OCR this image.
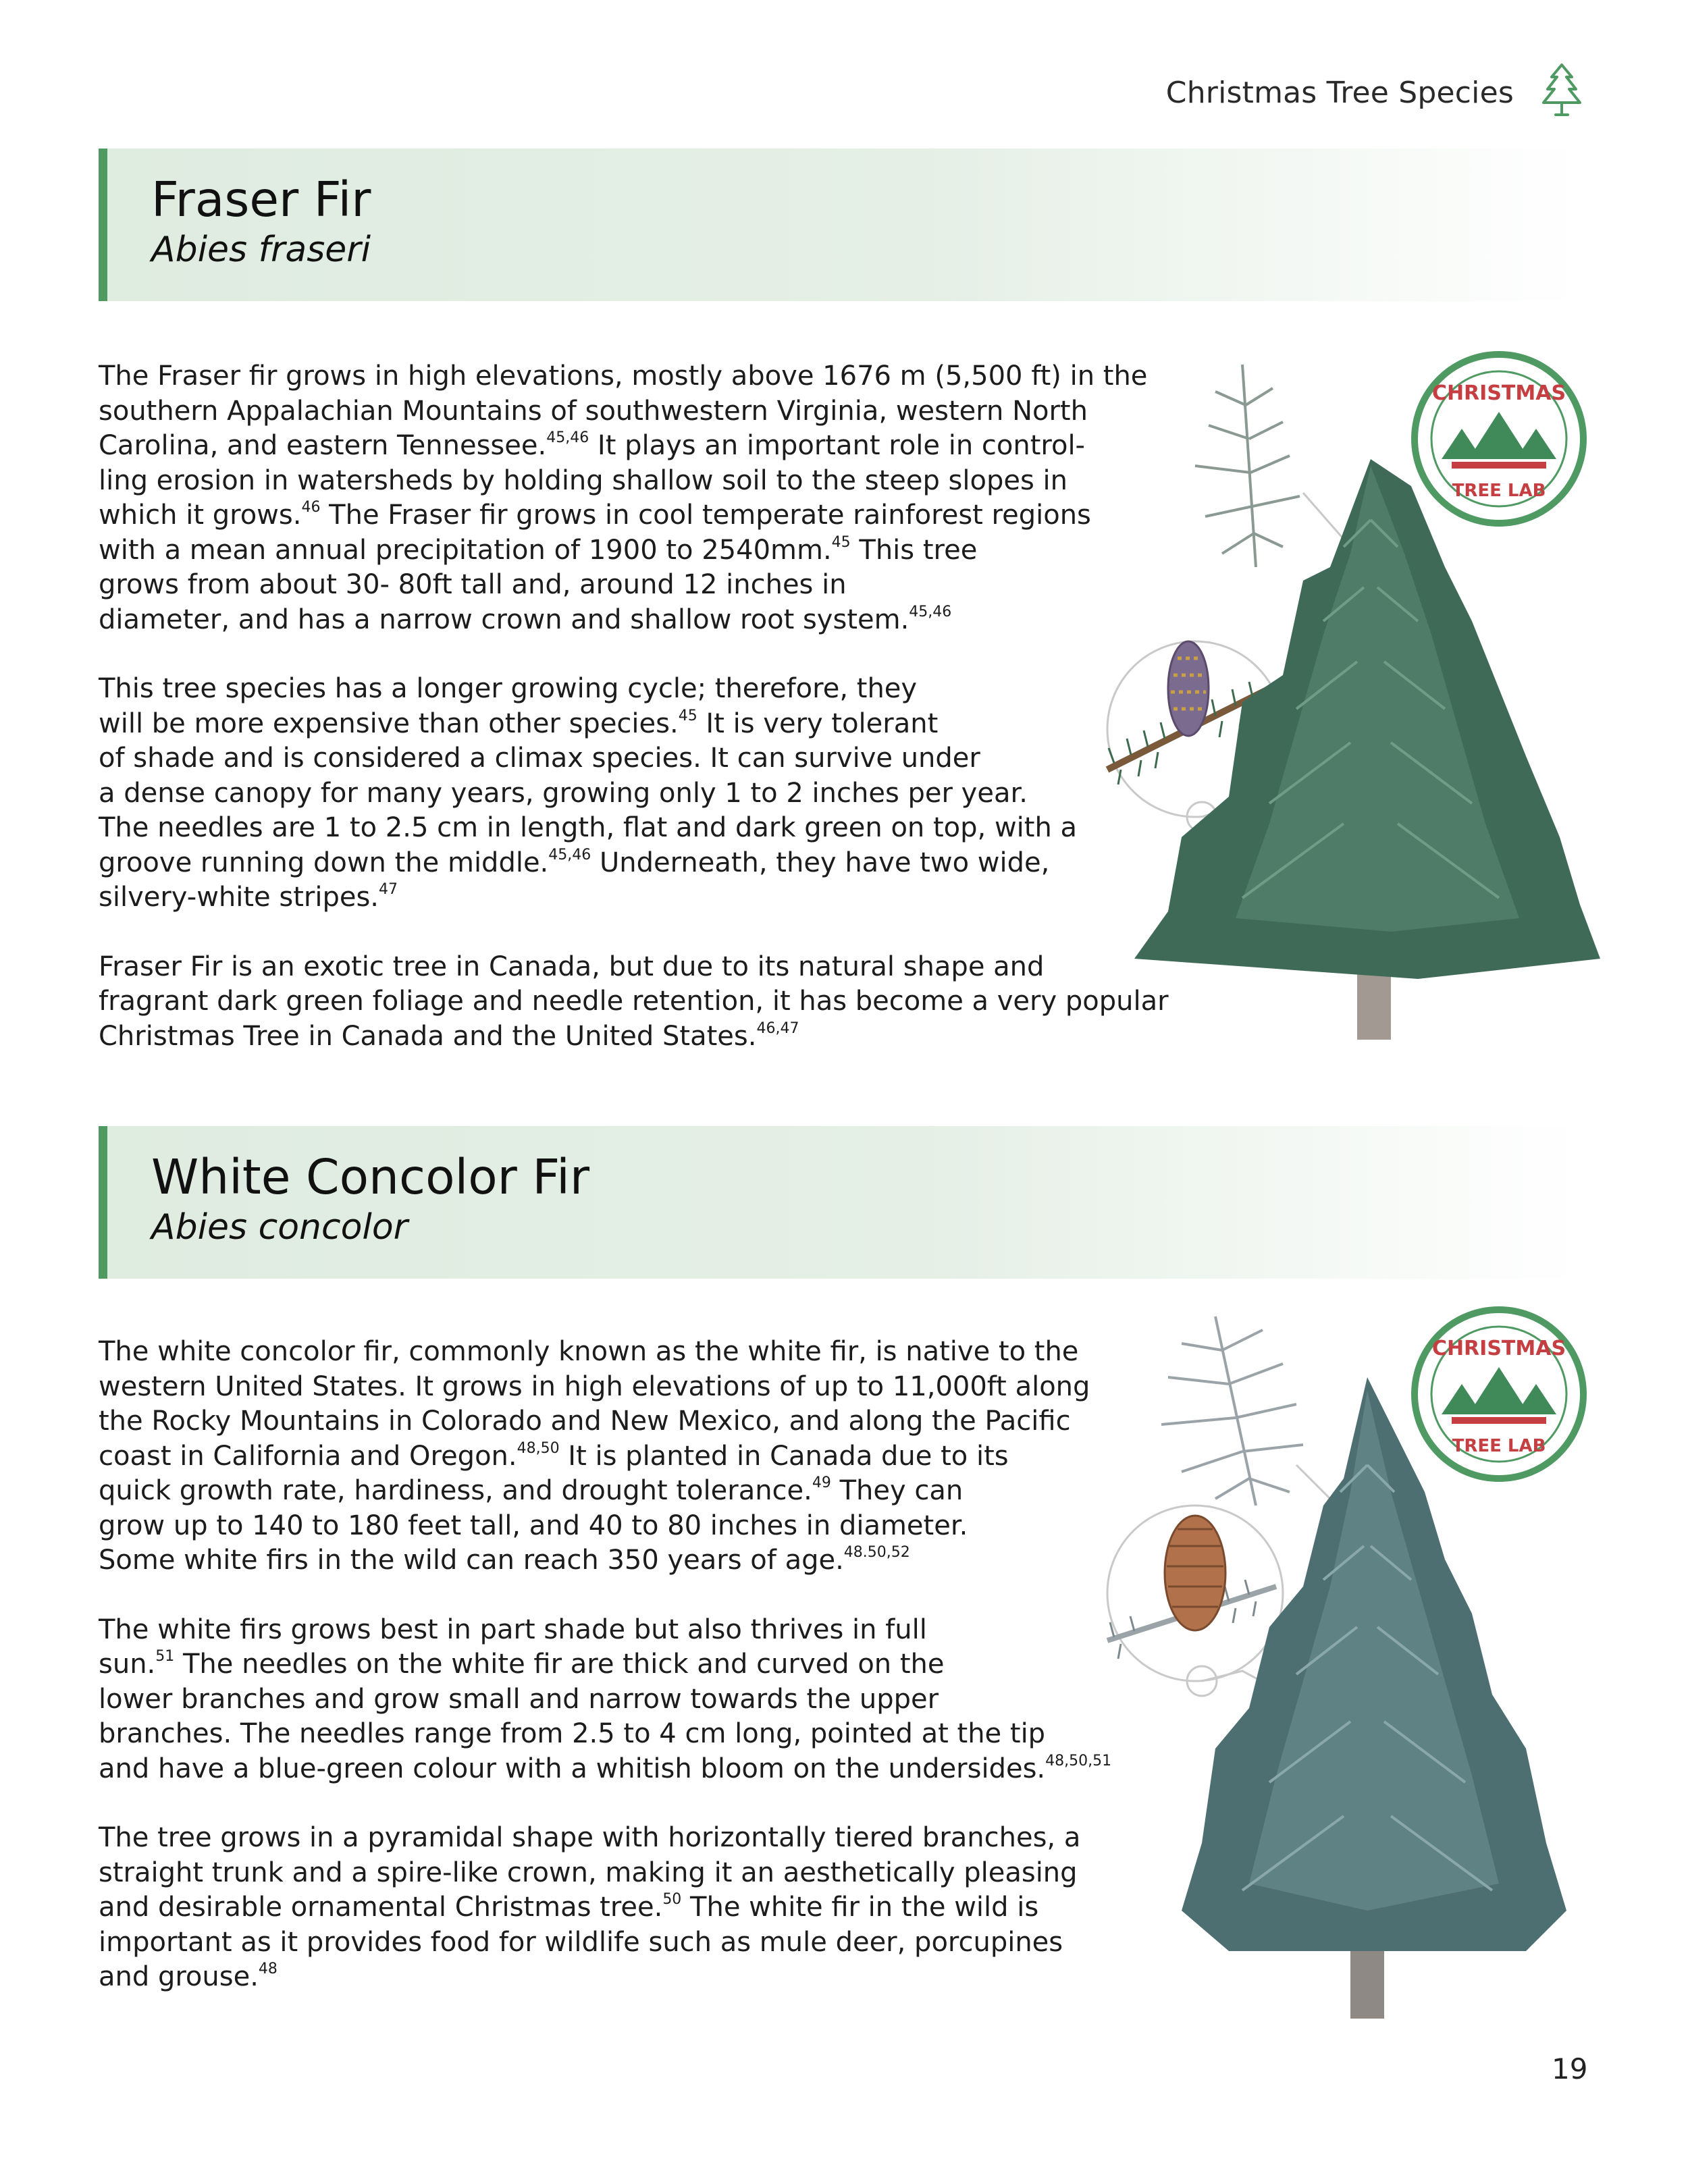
Christmas Tree Species
Fraser Fir
Abies fraseri
The Fraser fir grows in high elevations, mostly above 1676 m (5,500 ft) in the
southern Appalachian Mountains of southwestern Virginia, western North
Carolina, and eastern Tennessee.$^{45,46}$ It plays an important role in control-
ling erosion in watersheds by holding shallow soil to the steep slopes in
which it grows.$^{46}$ The Fraser fir grows in cool temperate rainforest regions
with a mean annual precipitation of 1900 to 2540mm.$^{45}$ This tree
grows from about 30- 80ft tall and, around 12 inches in
diameter, and has a narrow crown and shallow root system.$^{45,46}$
This tree species has a longer growing cycle; therefore, they
will be more expensive than other species.$^{45}$ It is very tolerant
of shade and is considered a climax species. It can survive under
a dense canopy for many years, growing only 1 to 2 inches per year.
The needles are 1 to 2.5 cm in length, flat and dark green on top, with a
groove running down the middle.$^{45,46}$ Underneath, they have two wide,
silvery-white stripes.$^{47}$
Fraser Fir is an exotic tree in Canada, but due to its natural shape and
fragrant dark green foliage and needle retention, it has become a very popular
Christmas Tree in Canada and the United States.$^{46,47}$
CHRISTMAS
TREE LAB
White Concolor Fir
Abies concolor
The white concolor fir, commonly known as the white fir, is native to the
western United States. It grows in high elevations of up to 11,000ft along
the Rocky Mountains in Colorado and New Mexico, and along the Pacific
coast in California and Oregon.$^{48,50}$ It is planted in Canada due to its
quick growth rate, hardiness, and drought tolerance.$^{49}$ They can
grow up to 140 to 180 feet tall, and 40 to 80 inches in diameter.
Some white firs in the wild can reach 350 years of age.$^{48.50,52}$
The white firs grows best in part shade but also thrives in full
sun.$^{51}$ The needles on the white fir are thick and curved on the
lower branches and grow small and narrow towards the upper
branches. The needles range from 2.5 to 4 cm long, pointed at the tip
and have a blue-green colour with a whitish bloom on the undersides.$^{48,50,51}$
The tree grows in a pyramidal shape with horizontally tiered branches, a
straight trunk and a spire-like crown, making it an aesthetically pleasing
and desirable ornamental Christmas tree.$^{50}$ The white fir in the wild is
important as it provides food for wildlife such as mule deer, porcupines
and grouse.$^{48}$
CHRISTMAS
TREE LAB
19
